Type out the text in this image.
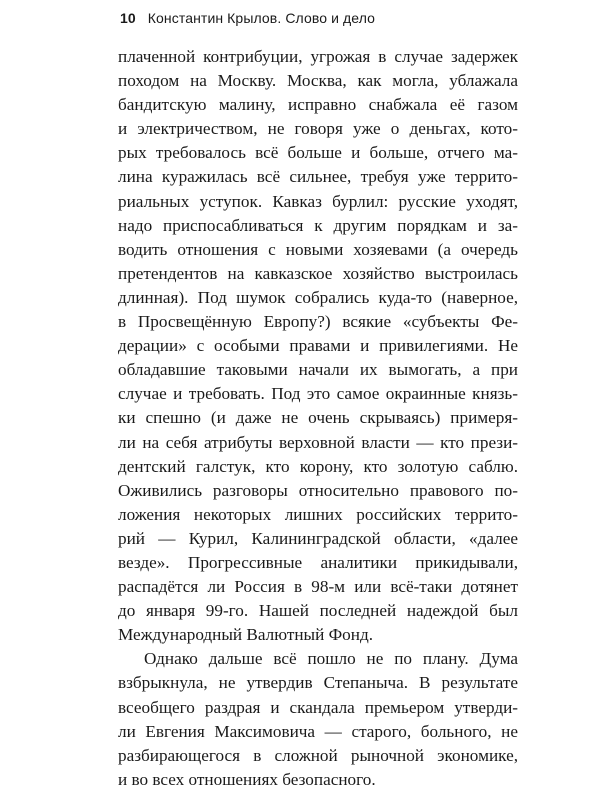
10 Константин Крылов. Слово и дело
плаченной контрибуции, угрожая в случае задержек
походом на Москву. Москва, как могла, ублажала
бандитскую малину, исправно снабжала её газом
и электричеством, не говоря уже о деньгах, кото-
рых требовалось всё больше и больше, отчего ма-
лина куражилась всё сильнее, требуя уже террито-
риальных уступок. Кавказ бурлил: русские уходят,
надо приспосабливаться к другим порядкам и за-
водить отношения с новыми хозяевами (а очередь
претендентов на кавказское хозяйство выстроилась
длинная). Под шумок собрались куда-то (наверное,
в Просвещённую Европу?) всякие «субъекты Фе-
дерации» с особыми правами и привилегиями. Не
обладавшие таковыми начали их вымогать, а при
случае и требовать. Под это самое окраинные князь-
ки спешно (и даже не очень скрываясь) примеря-
ли на себя атрибуты верховной власти — кто прези-
дентский галстук, кто корону, кто золотую саблю.
Оживились разговоры относительно правового по-
ложения некоторых лишних российских террито-
рий — Курил, Калининградской области, «далее
везде». Прогрессивные аналитики прикидывали,
распадётся ли Россия в 98-м или всё-таки дотянет
до января 99-го. Нашей последней надеждой был
Международный Валютный Фонд.
Однако дальше всё пошло не по плану. Дума
взбрыкнула, не утвердив Степаныча. В результате
всеобщего раздрая и скандала премьером утверди-
ли Евгения Максимовича — старого, больного, не
разбирающегося в сложной рыночной экономике,
и во всех отношениях безопасного.
